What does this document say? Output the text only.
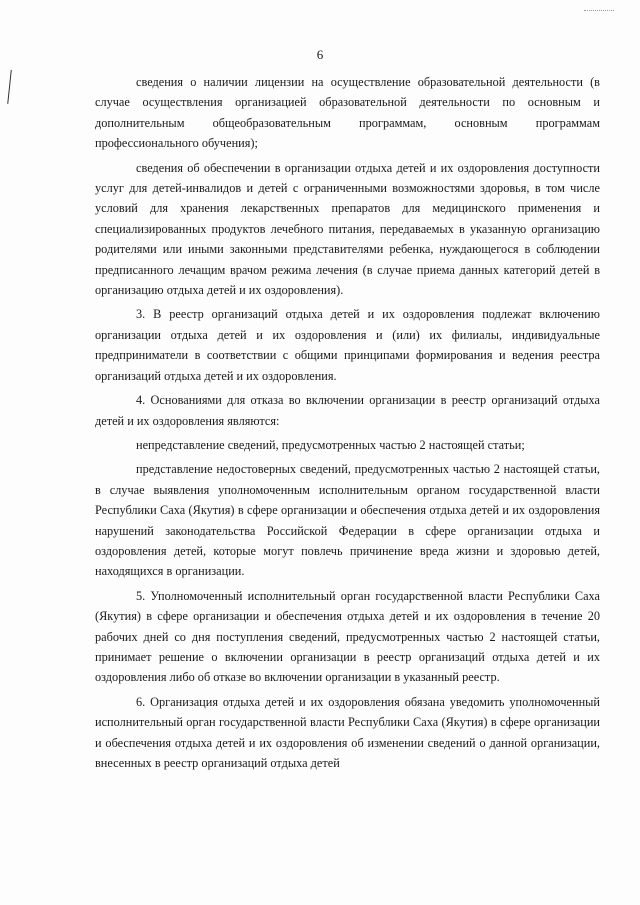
6

сведения о наличии лицензии на осуществление образовательной деятельности (в случае осуществления организацией образовательной деятельности по основным и дополнительным общеобразовательным программам, основным программам профессионального обучения);

сведения об обеспечении в организации отдыха детей и их оздоровления доступности услуг для детей-инвалидов и детей с ограниченными возможностями здоровья, в том числе условий для хранения лекарственных препаратов для медицинского применения и специализированных продуктов лечебного питания, передаваемых в указанную организацию родителями или иными законными представителями ребенка, нуждающегося в соблюдении предписанного лечащим врачом режима лечения (в случае приема данных категорий детей в организацию отдыха детей и их оздоровления).

3. В реестр организаций отдыха детей и их оздоровления подлежат включению организации отдыха детей и их оздоровления и (или) их филиалы, индивидуальные предприниматели в соответствии с общими принципами формирования и ведения реестра организаций отдыха детей и их оздоровления.

4. Основаниями для отказа во включении организации в реестр организаций отдыха детей и их оздоровления являются:

непредставление сведений, предусмотренных частью 2 настоящей статьи;

представление недостоверных сведений, предусмотренных частью 2 настоящей статьи, в случае выявления уполномоченным исполнительным органом государственной власти Республики Саха (Якутия) в сфере организации и обеспечения отдыха детей и их оздоровления нарушений законодательства Российской Федерации в сфере организации отдыха и оздоровления детей, которые могут повлечь причинение вреда жизни и здоровью детей, находящихся в организации.

5. Уполномоченный исполнительный орган государственной власти Республики Саха (Якутия) в сфере организации и обеспечения отдыха детей и их оздоровления в течение 20 рабочих дней со дня поступления сведений, предусмотренных частью 2 настоящей статьи, принимает решение о включении организации в реестр организаций отдыха детей и их оздоровления либо об отказе во включении организации в указанный реестр.

6. Организация отдыха детей и их оздоровления обязана уведомить уполномоченный исполнительный орган государственной власти Республики Саха (Якутия) в сфере организации и обеспечения отдыха детей и их оздоровления об изменении сведений о данной организации, внесенных в реестр организаций отдыха детей
